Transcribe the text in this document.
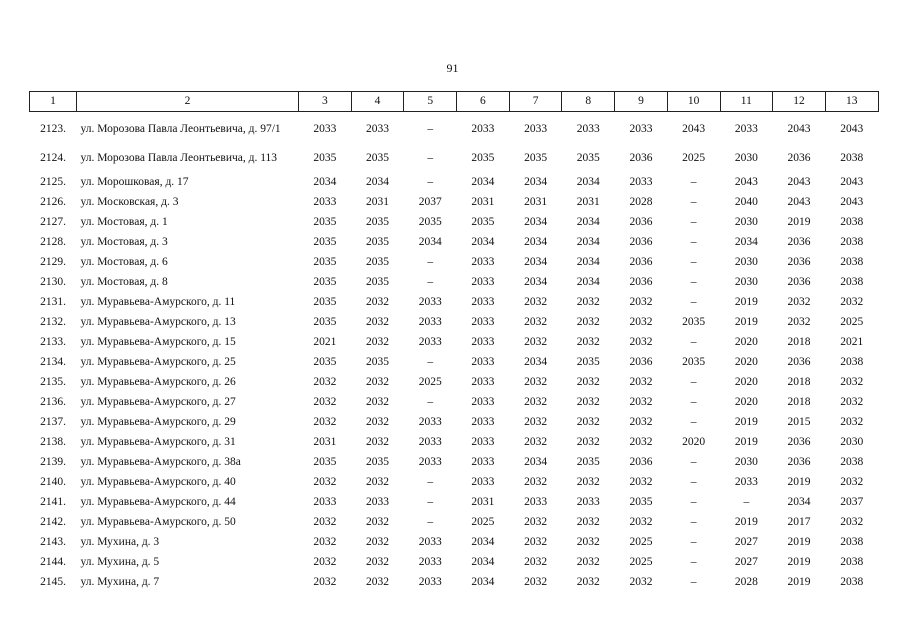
91
1	2	3	4	5	6	7	8	9	10	11	12	13
2123.	ул. Морозова Павла Леонтьевича, д. 97/1	2033	2033	–	2033	2033	2033	2033	2043	2033	2043	2043
2124.	ул. Морозова Павла Леонтьевича, д. 113	2035	2035	–	2035	2035	2035	2036	2025	2030	2036	2038
2125.	ул. Морошковая, д. 17	2034	2034	–	2034	2034	2034	2033	–	2043	2043	2043
2126.	ул. Московская, д. 3	2033	2031	2037	2031	2031	2031	2028	–	2040	2043	2043
2127.	ул. Мостовая, д. 1	2035	2035	2035	2035	2034	2034	2036	–	2030	2019	2038
2128.	ул. Мостовая, д. 3	2035	2035	2034	2034	2034	2034	2036	–	2034	2036	2038
2129.	ул. Мостовая, д. 6	2035	2035	–	2033	2034	2034	2036	–	2030	2036	2038
2130.	ул. Мостовая, д. 8	2035	2035	–	2033	2034	2034	2036	–	2030	2036	2038
2131.	ул. Муравьева-Амурского, д. 11	2035	2032	2033	2033	2032	2032	2032	–	2019	2032	2032
2132.	ул. Муравьева-Амурского, д. 13	2035	2032	2033	2033	2032	2032	2032	2035	2019	2032	2025
2133.	ул. Муравьева-Амурского, д. 15	2021	2032	2033	2033	2032	2032	2032	–	2020	2018	2021
2134.	ул. Муравьева-Амурского, д. 25	2035	2035	–	2033	2034	2035	2036	2035	2020	2036	2038
2135.	ул. Муравьева-Амурского, д. 26	2032	2032	2025	2033	2032	2032	2032	–	2020	2018	2032
2136.	ул. Муравьева-Амурского, д. 27	2032	2032	–	2033	2032	2032	2032	–	2020	2018	2032
2137.	ул. Муравьева-Амурского, д. 29	2032	2032	2033	2033	2032	2032	2032	–	2019	2015	2032
2138.	ул. Муравьева-Амурского, д. 31	2031	2032	2033	2033	2032	2032	2032	2020	2019	2036	2030
2139.	ул. Муравьева-Амурского, д. 38а	2035	2035	2033	2033	2034	2035	2036	–	2030	2036	2038
2140.	ул. Муравьева-Амурского, д. 40	2032	2032	–	2033	2032	2032	2032	–	2033	2019	2032
2141.	ул. Муравьева-Амурского, д. 44	2033	2033	–	2031	2033	2033	2035	–	–	2034	2037
2142.	ул. Муравьева-Амурского, д. 50	2032	2032	–	2025	2032	2032	2032	–	2019	2017	2032
2143.	ул. Мухина, д. 3	2032	2032	2033	2034	2032	2032	2025	–	2027	2019	2038
2144.	ул. Мухина, д. 5	2032	2032	2033	2034	2032	2032	2025	–	2027	2019	2038
2145.	ул. Мухина, д. 7	2032	2032	2033	2034	2032	2032	2032	–	2028	2019	2038
